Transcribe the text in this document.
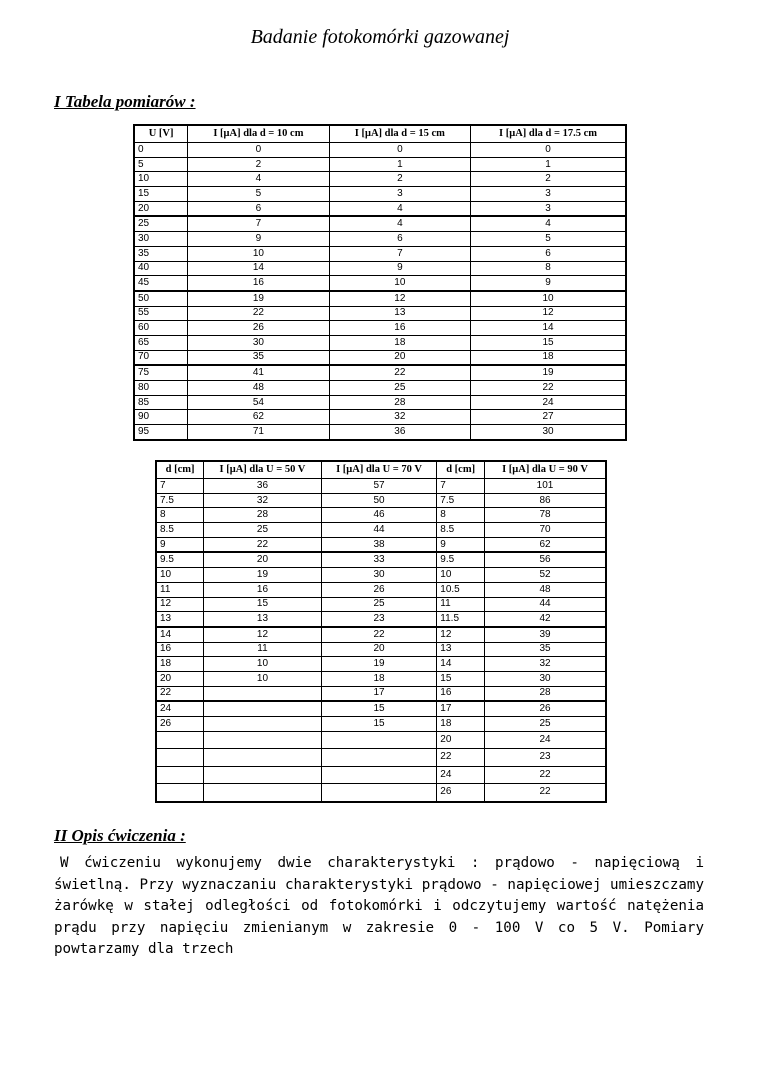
Badanie fotokomórki gazowanej
I Tabela pomiarów :
U [V]	I [μA] dla d = 10 cm	I [μA] dla d = 15 cm	I [μA] dla d = 17.5 cm
0	0	0	0
5	2	1	1
10	4	2	2
15	5	3	3
20	6	4	3
25	7	4	4
30	9	6	5
35	10	7	6
40	14	9	8
45	16	10	9
50	19	12	10
55	22	13	12
60	26	16	14
65	30	18	15
70	35	20	18
75	41	22	19
80	48	25	22
85	54	28	24
90	62	32	27
95	71	36	30
d [cm]	I [μA] dla U = 50 V	I [μA] dla U = 70 V	d [cm]	I [μA] dla U = 90 V
7	36	57	7	101
7.5	32	50	7.5	86
8	28	46	8	78
8.5	25	44	8.5	70
9	22	38	9	62
9.5	20	33	9.5	56
10	19	30	10	52
11	16	26	10.5	48
12	15	25	11	44
13	13	23	11.5	42
14	12	22	12	39
16	11	20	13	35
18	10	19	14	32
20	10	18	15	30
22		17	16	28
24		15	17	26
26		15	18	25
			20	24
			22	23
			24	22
			26	22
II Opis ćwiczenia :

W ćwiczeniu wykonujemy dwie charakterystyki : prądowo - napięciową i świetlną. Przy wyznaczaniu charakterystyki prądowo - napięciowej umieszczamy żarówkę w stałej odległości od fotokomórki i odczytujemy wartość natężenia prądu przy napięciu zmienianym w zakresie 0 - 100 V co 5 V. Pomiary powtarzamy dla trzech
